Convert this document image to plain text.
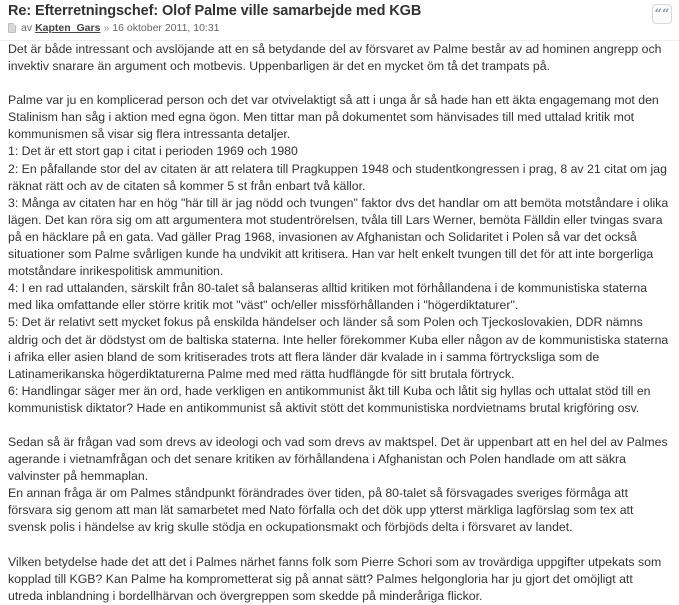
Re: Efterretningschef: Olof Palme ville samarbejde med KGB
av Kapten_Gars » 16 oktober 2011, 10:31
““

Det är både intressant och avslöjande att en så betydande del av försvaret av Palme består av ad hominen angrepp och invektiv snarare än argument och motbevis. Uppenbarligen är det en mycket öm tå det trampats på.

Palme var ju en komplicerad person och det var otvivelaktigt så att i unga år så hade han ett äkta engagemang mot den Stalinism han såg i aktion med egna ögon. Men tittar man på dokumentet som hänvisades till med uttalad kritik mot kommunismen så visar sig flera intressanta detaljer.

1: Det är ett stort gap i citat i perioden 1969 och 1980

2: En påfallande stor del av citaten är att relatera till Pragkuppen 1948 och studentkongressen i prag, 8 av 21 citat om jag räknat rätt och av de citaten så kommer 5 st från enbart två källor.

3: Många av citaten har en hög "här till är jag nödd och tvungen" faktor dvs det handlar om att bemöta motståndare i olika lägen. Det kan röra sig om att argumentera mot studentrörelsen, tvåla till Lars Werner, bemöta Fälldin eller tvingas svara på en häcklare på en gata. Vad gäller Prag 1968, invasionen av Afghanistan och Solidaritet i Polen så var det också situationer som Palme svårligen kunde ha undvikit att kritisera. Han var helt enkelt tvungen till det för att inte borgerliga motståndare inrikespolitisk ammunition.

4: I en rad uttalanden, särskilt från 80-talet så balanseras alltid kritiken mot förhållandena i de kommunistiska staterna med lika omfattande eller större kritik mot "väst" och/eller missförhållanden i "högerdiktaturer".

5: Det är relativt sett mycket fokus på enskilda händelser och länder så som Polen och Tjeckoslovakien, DDR nämns aldrig och det är dödstyst om de baltiska staterna. Inte heller förekommer Kuba eller någon av de kommunistiska staterna i afrika eller asien bland de som kritiserades trots att flera länder där kvalade in i samma förtrycksliga som de Latinamerikanska högerdiktaturerna Palme med med rätta hudflängde för sitt brutala förtryck.

6: Handlingar säger mer än ord, hade verkligen en antikommunist åkt till Kuba och låtit sig hyllas och uttalat stöd till en kommunistisk diktator? Hade en antikommunist så aktivit stött det kommunistiska nordvietnams brutal krigföring osv.

Sedan så är frågan vad som drevs av ideologi och vad som drevs av maktspel. Det är uppenbart att en hel del av Palmes agerande i vietnamfrågan och det senare kritiken av förhållandena i Afghanistan och Polen handlade om att säkra valvinster på hemmaplan.

En annan fråga är om Palmes ståndpunkt förändrades över tiden, på 80-talet så försvagades sveriges förmåga att försvara sig genom att man lät samarbetet med Nato förfalla och det dök upp ytterst märkliga lagförslag som tex att svensk polis i händelse av krig skulle stödja en ockupationsmakt och förbjöds delta i försvaret av landet.

Vilken betydelse hade det att det i Palmes närhet fanns folk som Pierre Schori som av trovärdiga uppgifter utpekats som kopplad till KGB? Kan Palme ha komprometterat sig på annat sätt? Palmes helgongloria har ju gjort det omöjligt att utreda inblandning i bordellhärvan och övergreppen som skedde på minderåriga flickor.
